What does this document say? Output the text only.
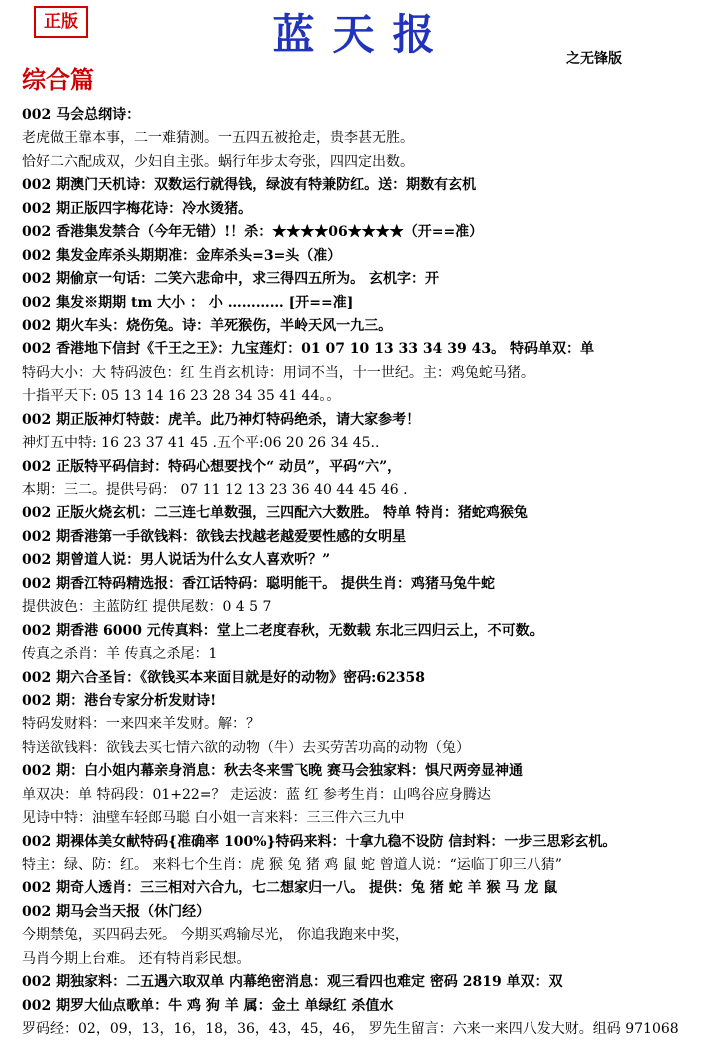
正版	蓝天报	之无锋版
综合篇
002 马会总纲诗：
老虎做王靠本事，二一难猜测。一五四五被抢走，贵李甚无胜。
恰好二六配成双，少妇自主张。蜗行年步太夸张，四四定出数。
002 期澳门天机诗：双数运行就得钱，绿波有特兼防红。送：期数有玄机
002 期正版四字梅花诗：冷水烫猪。
002 香港集发禁合（今年无错）!！杀：★★★★06★★★★（开==准）
002 集发金库杀头期期准：金库杀头=3=头（准）
002 期偷京一句话：二笑六悲命中，求三得四五所为。 玄机字：开
002 集发※期期 tm 大小 ： 小 ………… [开==准]
002 期火车头：烧伤兔。诗：羊死猴伤，半岭天风一九三。
002 香港地下信封《千王之王》：九宝莲灯：01 07 10 13 33 34 39 43。 特码单双：单
特码大小：大 特码波色：红 生肖玄机诗：用词不当，十一世纪。主：鸡兔蛇马猪。
十指平天下: 05 13 14 16 23 28 34 35 41 44。。
002 期正版神灯特鼓：虎羊。此乃神灯特码绝杀，请大家参考！
神灯五中特: 16 23 37 41 45 .五个平:06 20 26 34 45..
002 正版特平码信封：特码心想要找个“ 动员”，平码“六”，
本期：三二。提供号码： 07 11 12 13 23 36 40 44 45 46 .
002 正版火烧玄机：二三连七单数强，三四配六大数胜。 特单 特肖：猪蛇鸡猴兔
002 期香港第一手欲钱料：欲钱去找越老越爱要性感的女明星
002 期曾道人说：男人说话为什么女人喜欢听？”
002 期香江特码精选报：香江话特码：聪明能干。 提供生肖：鸡猪马兔牛蛇
提供波色：主蓝防红 提供尾数：0 4 5 7
002 期香港 6000 元传真料：堂上二老度春秋，无数载 东北三四归云上，不可数。
传真之杀肖：羊 传真之杀尾：1
002 期六合圣旨：《欲钱买本来面目就是好的动物》密码:62358
002 期：港台专家分析发财诗!
特码发财料：一来四来羊发财。解：？
特送欲钱料：欲钱去买七情六欲的动物（牛）去买劳苦功高的动物（兔）
002 期：白小姐内幕亲身消息：秋去冬来雪飞晚 赛马会独家料：惧尺两旁显神通
单双决：单 特码段：01+22=？ 走运波：蓝 红 参考生肖：山鸣谷应身腾达
见诗中特：油壁车轻郎马聪 白小姐一言来料：三三件六三九中
002 期裸体美女献特码{准确率 100%}特码来料：十拿九稳不设防 信封料：一步三思彩玄机。
特主：绿、防：红。 来料七个生肖：虎 猴 兔 猪 鸡 鼠 蛇 曾道人说：“运临丁卯三八猜”
002 期奇人透肖：三三相对六合九，七二想家归一八。 提供：兔 猪 蛇 羊 猴 马 龙 鼠
002 期马会当天报（休门经）
今期禁兔，买四码去死。 今期买鸡输尽光， 你追我跑来中奖，
马肖今期上台难。 还有特肖彩民想。
002 期独家料：二五遇六取双单 内幕绝密消息：观三看四也难定 密码 2819 单双：双
002 期罗大仙点歌单：牛 鸡 狗 羊 属：金土 单绿红 杀值水
罗码经：02，09，13，16，18，36，43，45，46， 罗先生留言：六来一来四八发大财。组码 971068
